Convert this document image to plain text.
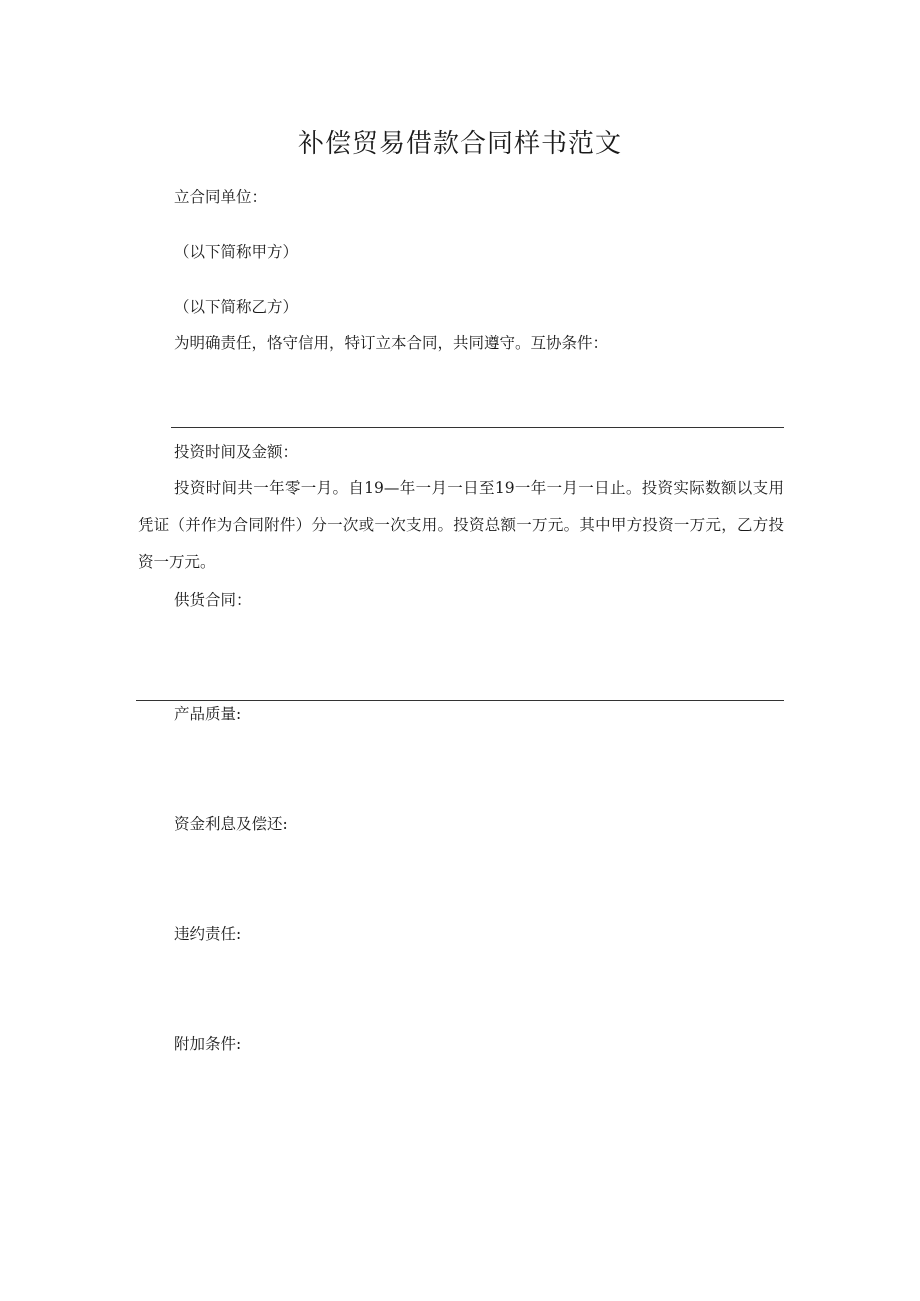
补偿贸易借款合同样书范文
立合同单位：
（以下简称甲方）
（以下简称乙方）
为明确责任，恪守信用，特订立本合同，共同遵守。互协条件：
投资时间及金额：
投资时间共一年零一月。自19—年一月一日至19一年一月一日止。投资实际数额以支用凭证（并作为合同附件）分一次或一次支用。投资总额一万元。其中甲方投资一万元，乙方投资一万元。
供货合同：
产品质量:
资金利息及偿还:
违约责任:
附加条件:
